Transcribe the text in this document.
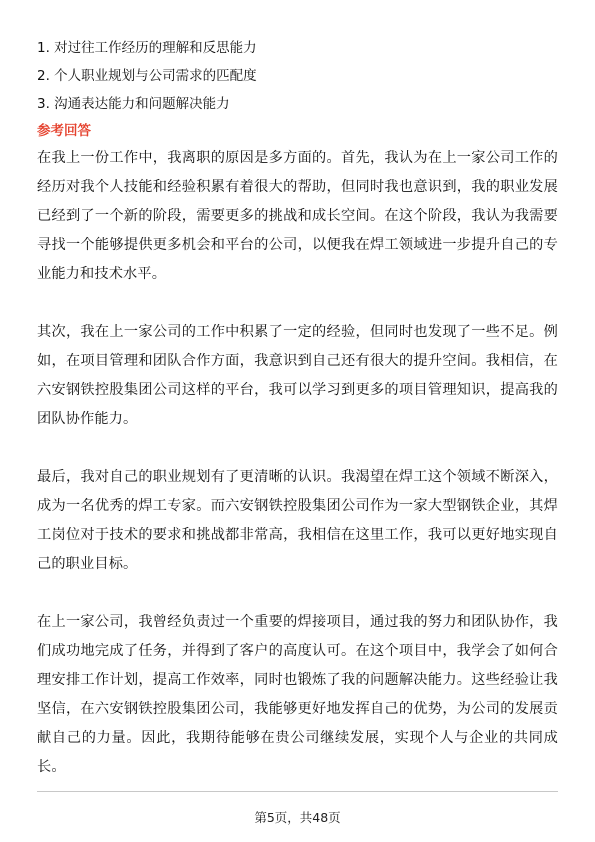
1. 对过往工作经历的理解和反思能力
2. 个人职业规划与公司需求的匹配度
3. 沟通表达能力和问题解决能力
参考回答

在我上一份工作中，我离职的原因是多方面的。首先，我认为在上一家公司工作的经历对我个人技能和经验积累有着很大的帮助，但同时我也意识到，我的职业发展已经到了一个新的阶段，需要更多的挑战和成长空间。在这个阶段，我认为我需要寻找一个能够提供更多机会和平台的公司，以便我在焊工领域进一步提升自己的专业能力和技术水平。

其次，我在上一家公司的工作中积累了一定的经验，但同时也发现了一些不足。例如，在项目管理和团队合作方面，我意识到自己还有很大的提升空间。我相信，在六安钢铁控股集团公司这样的平台，我可以学习到更多的项目管理知识，提高我的团队协作能力。

最后，我对自己的职业规划有了更清晰的认识。我渴望在焊工这个领域不断深入，成为一名优秀的焊工专家。而六安钢铁控股集团公司作为一家大型钢铁企业，其焊工岗位对于技术的要求和挑战都非常高，我相信在这里工作，我可以更好地实现自己的职业目标。

在上一家公司，我曾经负责过一个重要的焊接项目，通过我的努力和团队协作，我们成功地完成了任务，并得到了客户的高度认可。在这个项目中，我学会了如何合理安排工作计划，提高工作效率，同时也锻炼了我的问题解决能力。这些经验让我坚信，在六安钢铁控股集团公司，我能够更好地发挥自己的优势，为公司的发展贡献自己的力量。因此，我期待能够在贵公司继续发展，实现个人与企业的共同成长。

第5页，共48页
